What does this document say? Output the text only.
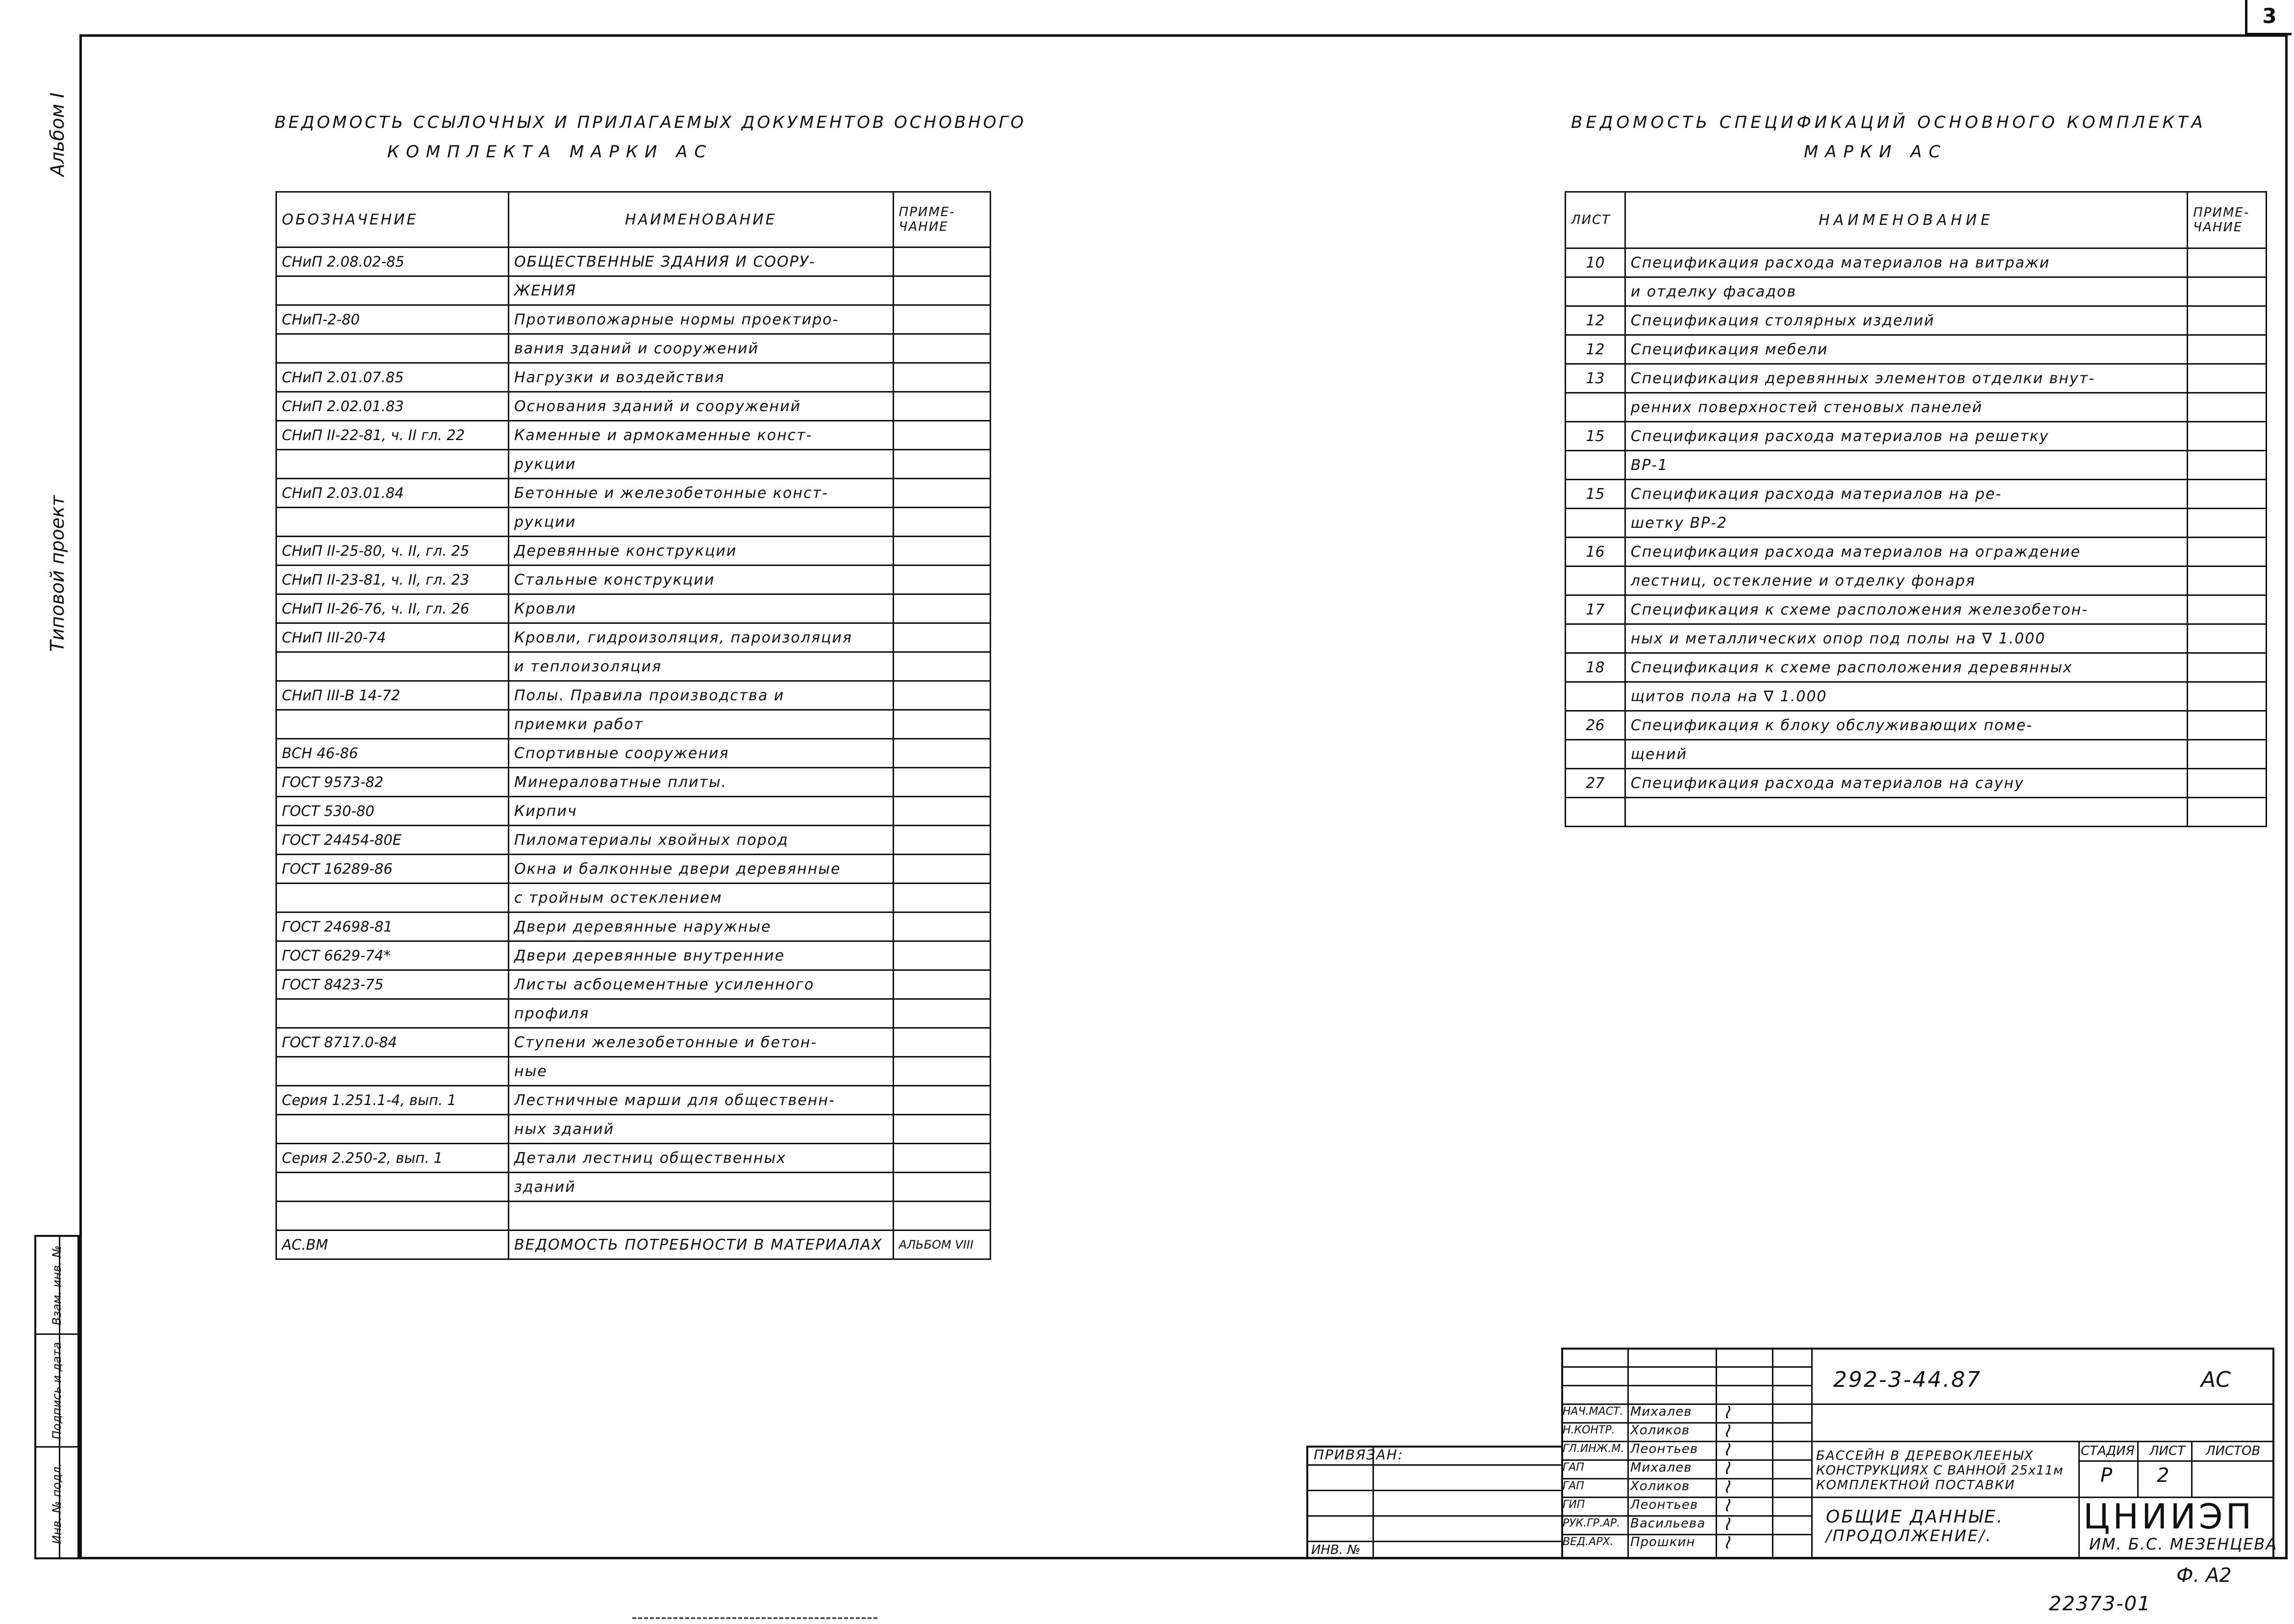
3
Альбом I
Типовой проект
Взам. инв. №
Подпись и дата
Инв. № подл.
ВЕДОМОСТЬ ССЫЛОЧНЫХ И ПРИЛАГАЕМЫХ ДОКУМЕНТОВ ОСНОВНОГО
КОМПЛЕКТА МАРКИ АС
ОБОЗНАЧЕНИЕ	НАИМЕНОВАНИЕ	ПРИМЕ-
ЧАНИЕ
СНиП 2.08.02-85	ОБЩЕСТВЕННЫЕ ЗДАНИЯ И СООРУ-	
	ЖЕНИЯ	
СНиП-2-80	Противопожарные нормы проектиро-	
	вания зданий и сооружений	
СНиП 2.01.07.85	Нагрузки и воздействия	
СНиП 2.02.01.83	Основания зданий и сооружений	
СНиП II-22-81, ч. II гл. 22	Каменные и армокаменные конст-	
	рукции	
СНиП 2.03.01.84	Бетонные и железобетонные конст-	
	рукции	
СНиП II-25-80, ч. II, гл. 25	Деревянные конструкции	
СНиП II-23-81, ч. II, гл. 23	Стальные конструкции	
СНиП II-26-76, ч. II, гл. 26	Кровли	
СНиП III-20-74	Кровли, гидроизоляция, пароизоляция	
	и теплоизоляция	
СНиП III-В 14-72	Полы. Правила производства и	
	приемки работ	
ВСН 46-86	Спортивные сооружения	
ГОСТ 9573-82	Минераловатные плиты.	
ГОСТ 530-80	Кирпич	
ГОСТ 24454-80Е	Пиломатериалы хвойных пород	
ГОСТ 16289-86	Окна и балконные двери деревянные	
	с тройным остеклением	
ГОСТ 24698-81	Двери деревянные наружные	
ГОСТ 6629-74*	Двери деревянные внутренние	
ГОСТ 8423-75	Листы асбоцементные усиленного	
	профиля	
ГОСТ 8717.0-84	Ступени железобетонные и бетон-	
	ные	
Серия 1.251.1-4, вып. 1	Лестничные марши для общественн-	
	ных зданий	
Серия 2.250-2, вып. 1	Детали лестниц общественных	
	зданий	

АС.ВМ	ВЕДОМОСТЬ ПОТРЕБНОСТИ В МАТЕРИАЛАХ	АЛЬБОМ VIII
ВЕДОМОСТЬ СПЕЦИФИКАЦИЙ ОСНОВНОГО КОМПЛЕКТА
МАРКИ АС
ЛИСТ	НАИМЕНОВАНИЕ	ПРИМЕ-
ЧАНИЕ
10	Спецификация расхода материалов на витражи	
	и отделку фасадов	
12	Спецификация столярных изделий	
12	Спецификация мебели	
13	Спецификация деревянных элементов отделки внут-	
	ренних поверхностей стеновых панелей	
15	Спецификация расхода материалов на решетку	
	ВР-1	
15	Спецификация расхода материалов на ре-	
	шетку ВР-2	
16	Спецификация расхода материалов на ограждение	
	лестниц, остекление и отделку фонаря	
17	Спецификация к схеме расположения железобетон-	
	ных и металлических опор под полы на ∇ 1.000	
18	Спецификация к схеме расположения деревянных	
	щитов пола на ∇ 1.000	
26	Спецификация к блоку обслуживающих поме-	
	щений	
27	Спецификация расхода материалов на сауну	

ПРИВЯЗАН:
ИНВ. №
НАЧ.МАСТ. Михалев ≀
Н.КОНТР. Холиков ≀
ГЛ.ИНЖ.М. Леонтьев ≀
ГАП	Михалев ≀
ГАП	Холиков ≀
ГИП	Леонтьев ≀
РУК.ГР.АР. Васильева ≀
ВЕД.АРХ. Прошкин ≀
292-3-44.87	АС
БАССЕЙН В ДЕРЕВОКЛЕЕНЫХ
КОНСТРУКЦИЯХ С ВАННОЙ 25х11м
КОМПЛЕКТНОЙ ПОСТАВКИ
СТАДИЯ ЛИСТ ЛИСТОВ
Р 2
ОБЩИЕ ДАННЫЕ.
/ПРОДОЛЖЕНИЕ/.	ЦНИИЭП
ИМ. Б.С. МЕЗЕНЦЕВА
Ф. А2
22373-01
